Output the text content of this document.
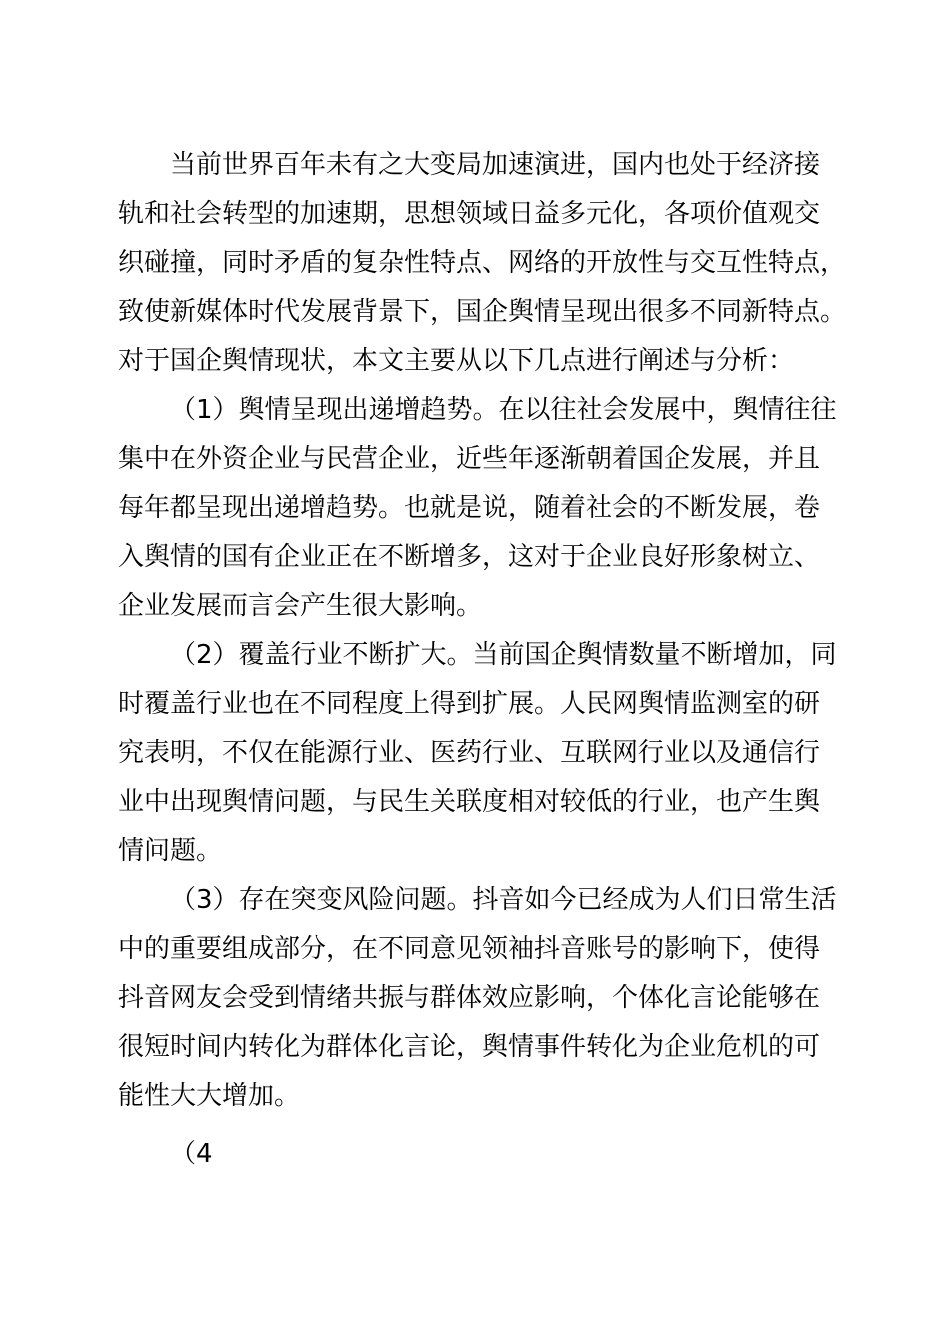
当前世界百年未有之大变局加速演进，国内也处于经济接
轨和社会转型的加速期，思想领域日益多元化，各项价值观交
织碰撞，同时矛盾的复杂性特点、网络的开放性与交互性特点，
致使新媒体时代发展背景下，国企舆情呈现出很多不同新特点。
对于国企舆情现状，本文主要从以下几点进行阐述与分析：
（1）舆情呈现出递增趋势。在以往社会发展中，舆情往往
集中在外资企业与民营企业，近些年逐渐朝着国企发展，并且
每年都呈现出递增趋势。也就是说，随着社会的不断发展，卷
入舆情的国有企业正在不断增多，这对于企业良好形象树立、
企业发展而言会产生很大影响。
（2）覆盖行业不断扩大。当前国企舆情数量不断增加，同
时覆盖行业也在不同程度上得到扩展。人民网舆情监测室的研
究表明，不仅在能源行业、医药行业、互联网行业以及通信行
业中出现舆情问题，与民生关联度相对较低的行业，也产生舆
情问题。
（3）存在突变风险问题。抖音如今已经成为人们日常生活
中的重要组成部分，在不同意见领袖抖音账号的影响下，使得
抖音网友会受到情绪共振与群体效应影响，个体化言论能够在
很短时间内转化为群体化言论，舆情事件转化为企业危机的可
能性大大增加。
（4
